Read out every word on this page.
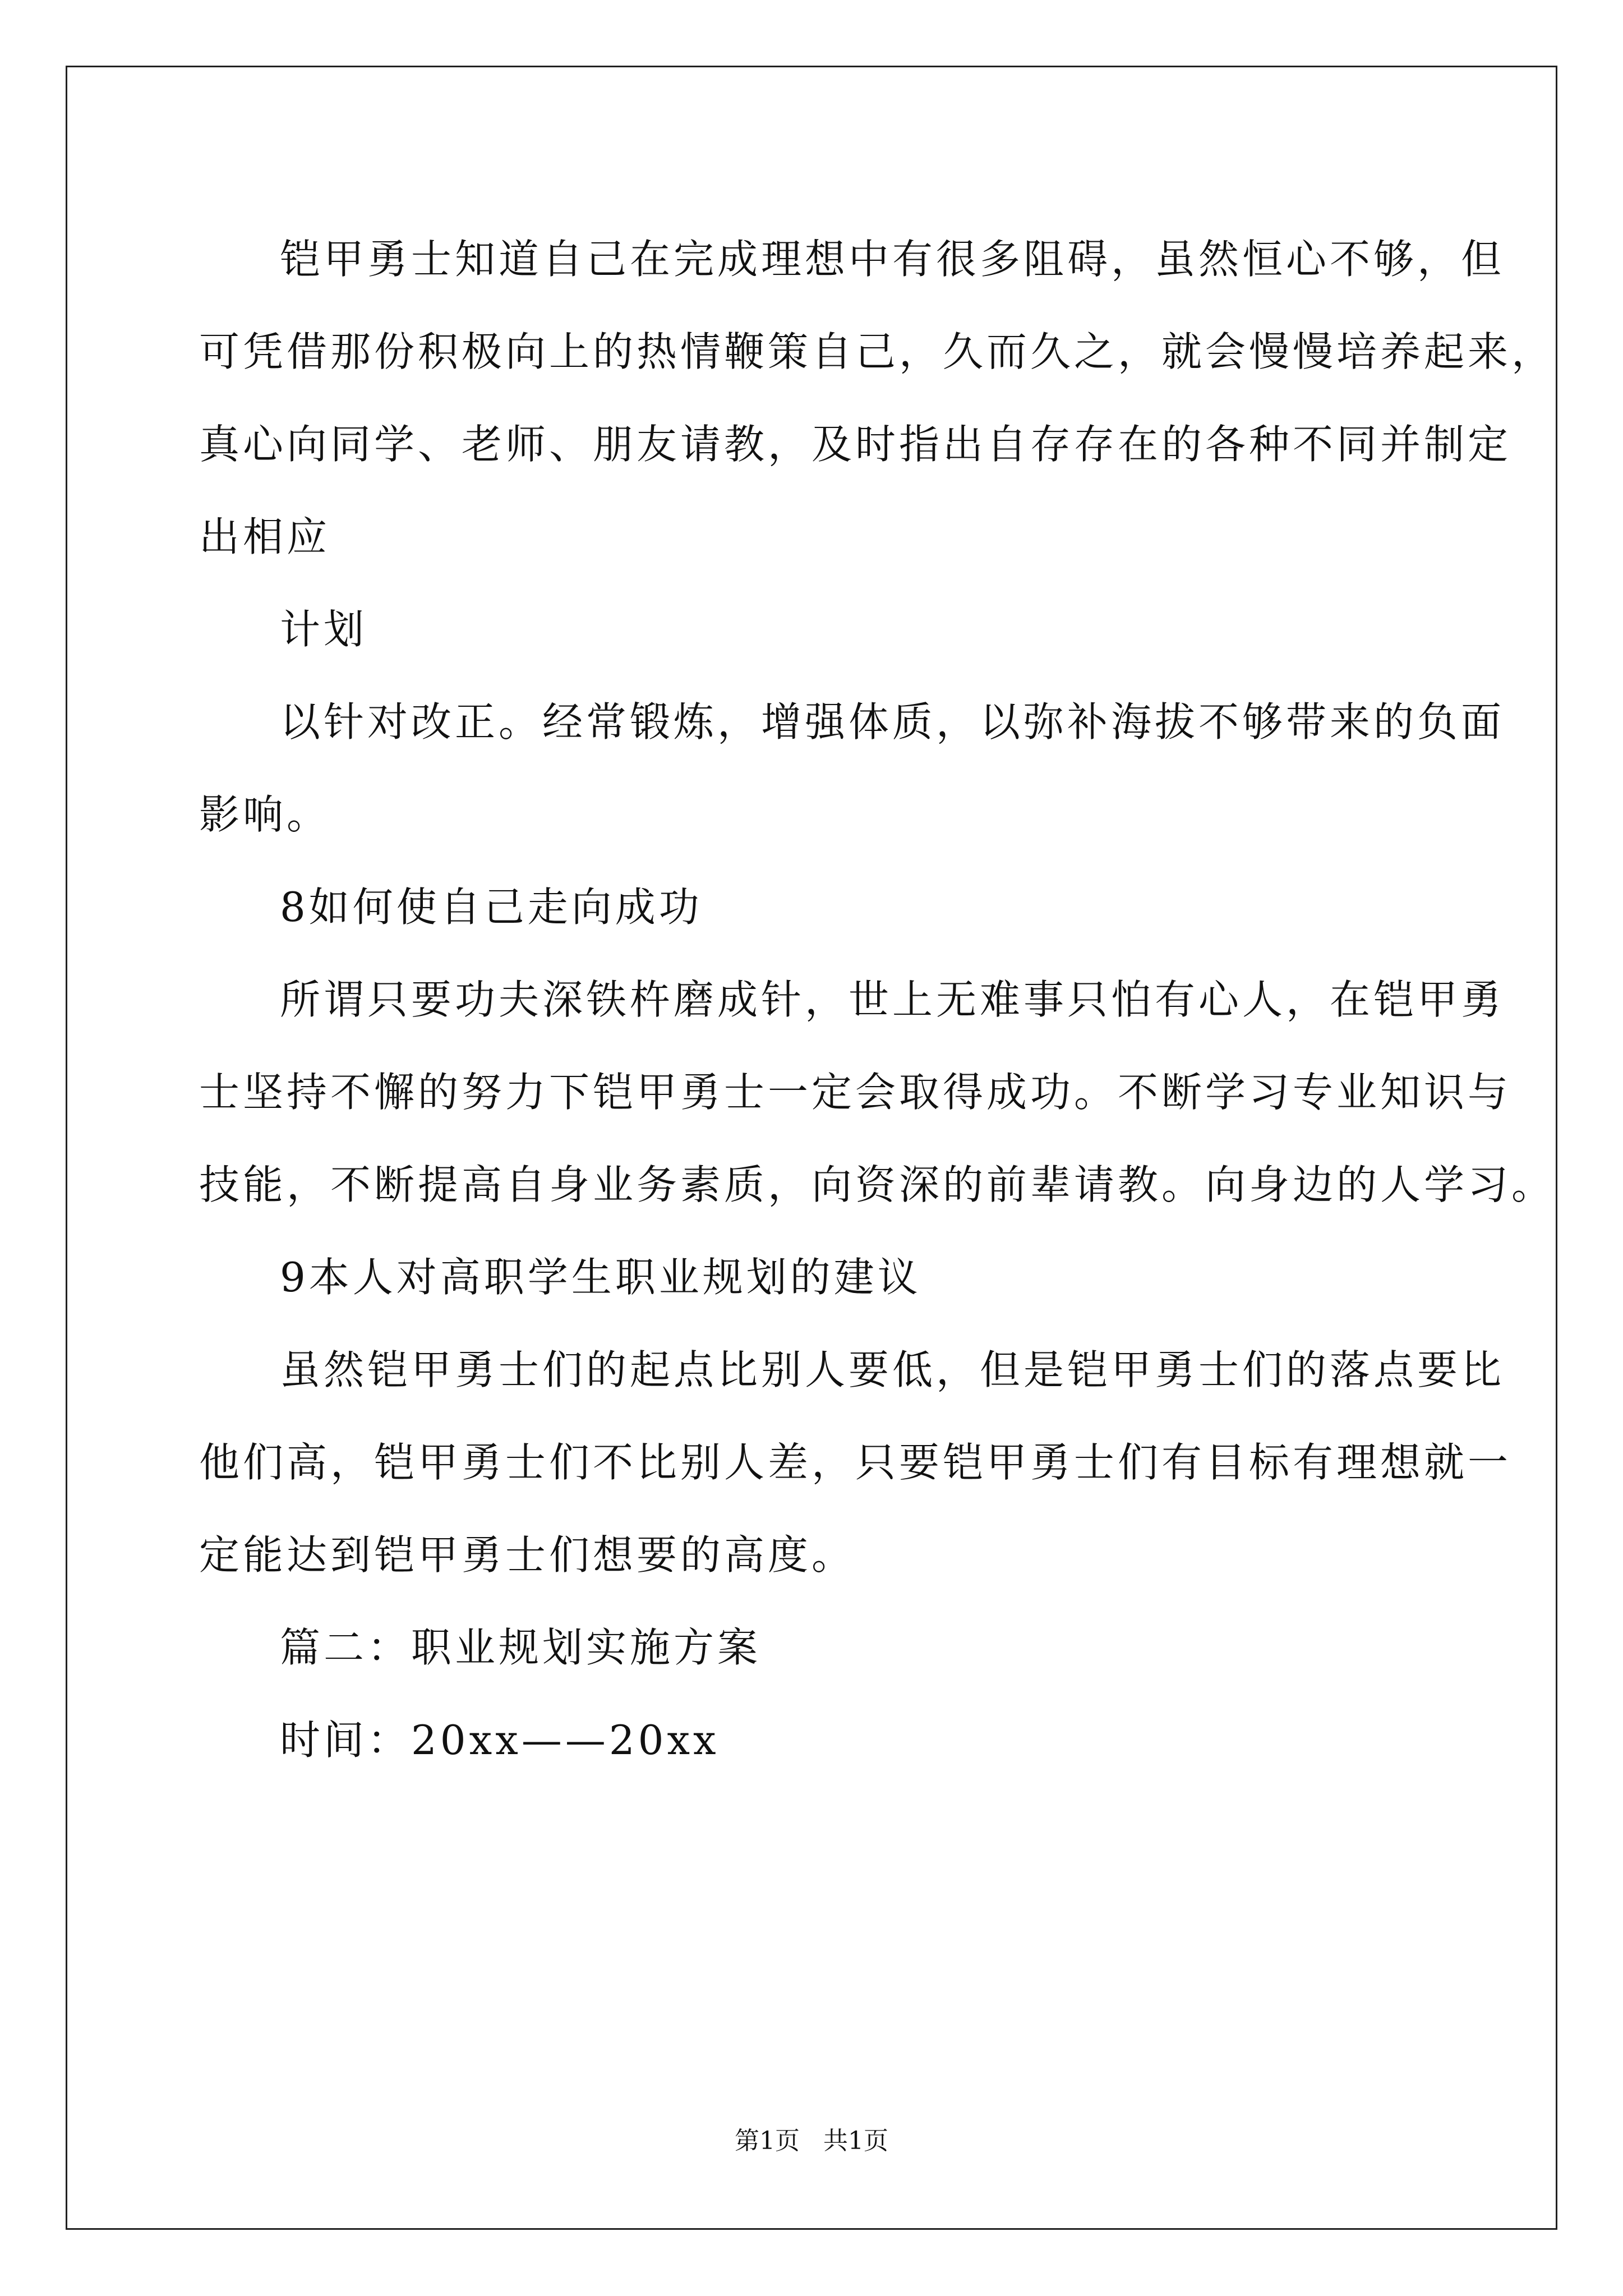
铠甲勇士知道自己在完成理想中有很多阻碍，虽然恒心不够，但
可凭借那份积极向上的热情鞭策自己，久而久之，就会慢慢培养起来，
真心向同学、老师、朋友请教，及时指出自存存在的各种不同并制定
出相应
计划
以针对改正。经常锻炼，增强体质，以弥补海拔不够带来的负面
影响。
8如何使自己走向成功
所谓只要功夫深铁杵磨成针，世上无难事只怕有心人，在铠甲勇
士坚持不懈的努力下铠甲勇士一定会取得成功。不断学习专业知识与
技能，不断提高自身业务素质，向资深的前辈请教。向身边的人学习。
9本人对高职学生职业规划的建议
虽然铠甲勇士们的起点比别人要低，但是铠甲勇士们的落点要比
他们高，铠甲勇士们不比别人差，只要铠甲勇士们有目标有理想就一
定能达到铠甲勇士们想要的高度。
篇二：职业规划实施方案
时间：20xx——20xx
第1页   共1页
